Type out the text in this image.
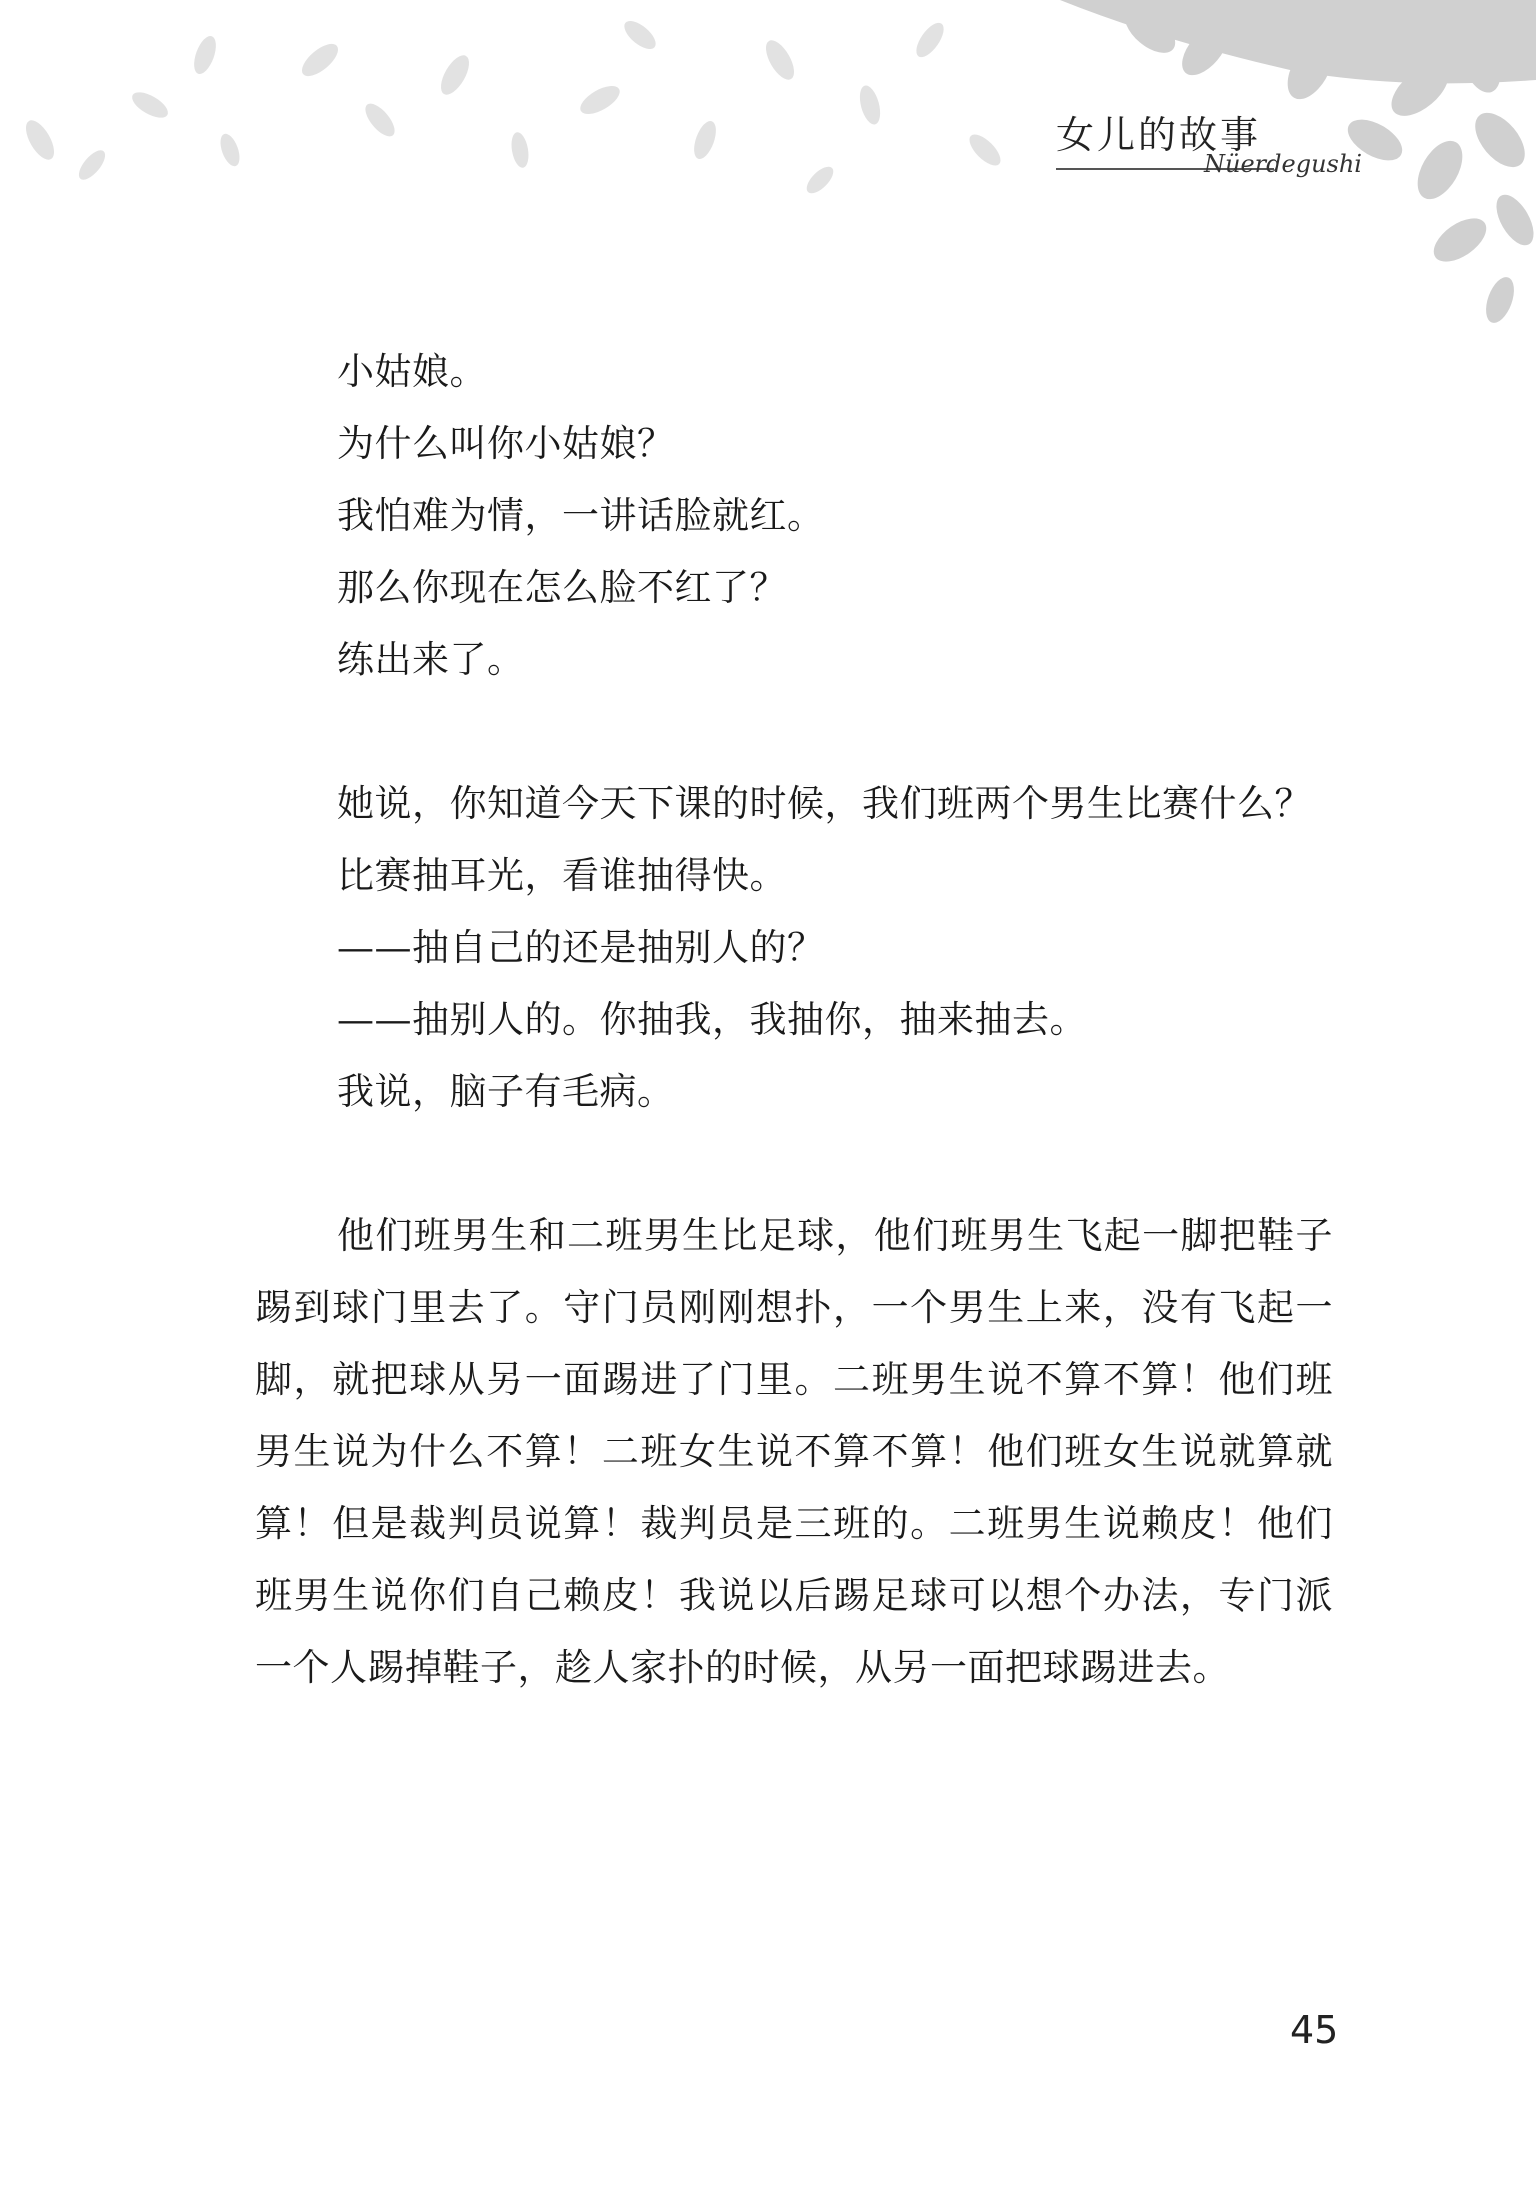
女儿的故事
Nüerdegushi

小姑娘。

为什么叫你小姑娘？

我怕难为情，一讲话脸就红。

那么你现在怎么脸不红了？

练出来了。

她说，你知道今天下课的时候，我们班两个男生比赛什么？

比赛抽耳光，看谁抽得快。

——抽自己的还是抽别人的？

——抽别人的。你抽我，我抽你，抽来抽去。

我说，脑子有毛病。

他们班男生和二班男生比足球，他们班男生飞起一脚把鞋子踢到球门里去了。守门员刚刚想扑，一个男生上来，没有飞起一脚，就把球从另一面踢进了门里。二班男生说不算不算！他们班男生说为什么不算！二班女生说不算不算！他们班女生说就算就算！但是裁判员说算！裁判员是三班的。二班男生说赖皮！他们班男生说你们自己赖皮！我说以后踢足球可以想个办法，专门派一个人踢掉鞋子，趁人家扑的时候，从另一面把球踢进去。

45
